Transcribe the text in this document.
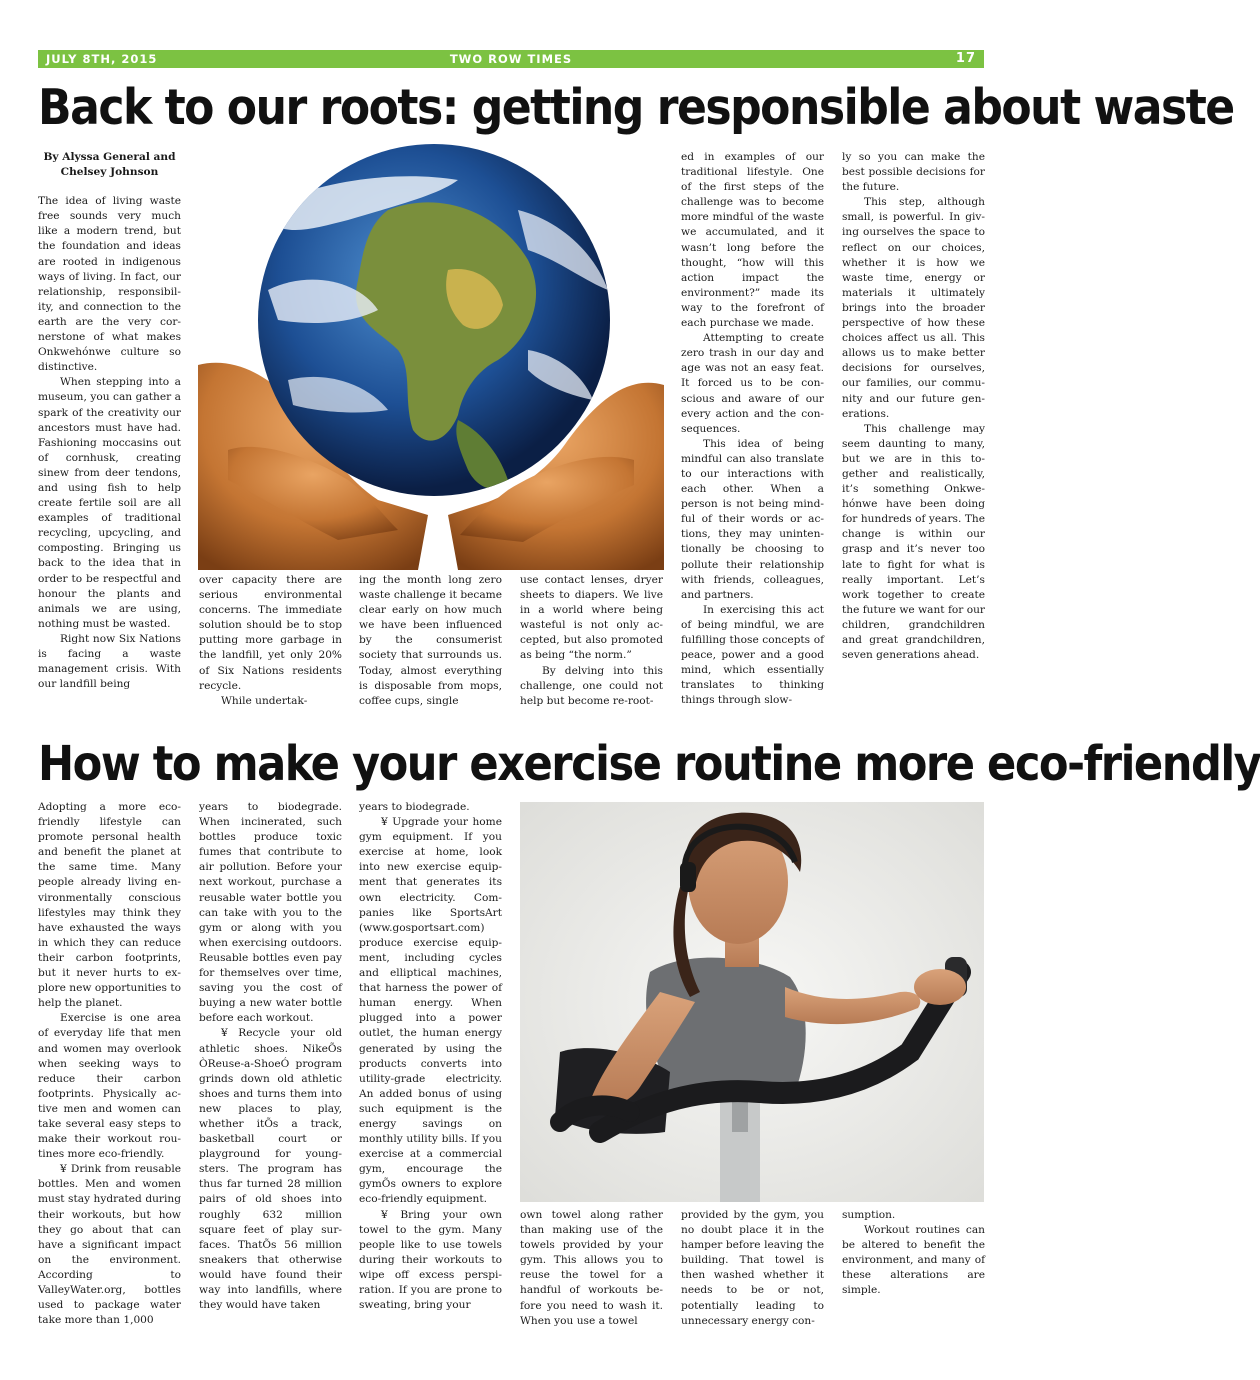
JULY 8TH, 2015	TWO ROW TIMES	17
Back to our roots: getting responsible about waste

By Alyssa General and Chelsey Johnson

The idea of living waste free sounds very much like a modern trend, but the foundation and ideas are rooted in indigenous ways of living. In fact, our relationship, responsibility, and connection to the earth are the very cornerstone of what makes Onkwehónwe culture so distinctive.

When stepping into a museum, you can gather a spark of the creativity our ancestors must have had. Fashioning moccasins out of cornhusk, creating sinew from deer tendons, and using fish to help create fertile soil are all examples of traditional recycling, upcycling, and composting. Bringing us back to the idea that in order to be respectful and honour the plants and animals we are using, nothing must be wasted.

Right now Six Nations is facing a waste management crisis. With our landfill being

over capacity there are serious environmental concerns. The immediate solution should be to stop putting more garbage in the landfill, yet only 20% of Six Nations residents recycle.

While undertak-

ing the month long zero waste challenge it became clear early on how much we have been influenced by the consumerist society that surrounds us. Today, almost everything is disposable from mops, coffee cups, single

use contact lenses, dryer sheets to diapers. We live in a world where being wasteful is not only accepted, but also promoted as being “the norm.”

By delving into this challenge, one could not help but become re-root-

ed in examples of our traditional lifestyle. One of the first steps of the challenge was to become more mindful of the waste we accumulated, and it wasn’t long before the thought, “how will this action impact the environment?” made its way to the forefront of each purchase we made.

Attempting to create zero trash in our day and age was not an easy feat. It forced us to be conscious and aware of our every action and the consequences.

This idea of being mindful can also translate to our interactions with each other. When a person is not being mindful of their words or actions, they may unintentionally be choosing to pollute their relationship with friends, colleagues, and partners.

In exercising this act of being mindful, we are fulfilling those concepts of peace, power and a good mind, which essentially translates to thinking things through slow-

ly so you can make the best possible decisions for the future.

This step, although small, is powerful. In giving ourselves the space to reflect on our choices, whether it is how we waste time, energy or materials it ultimately brings into the broader perspective of how these choices affect us all. This allows us to make better decisions for ourselves, our families, our community and our future generations.

This challenge may seem daunting to many, but we are in this together and realistically, it’s something Onkwehónwe have been doing for hundreds of years. The change is within our grasp and it’s never too late to fight for what is really important. Let’s work together to create the future we want for our children, grandchildren and great grandchildren, seven generations ahead.

How to make your exercise routine more eco-friendly

Adopting a more eco-friendly lifestyle can promote personal health and benefit the planet at the same time. Many people already living environmentally conscious lifestyles may think they have exhausted the ways in which they can reduce their carbon footprints, but it never hurts to explore new opportunities to help the planet.

Exercise is one area of everyday life that men and women may overlook when seeking ways to reduce their carbon footprints. Physically active men and women can take several easy steps to make their workout routines more eco-friendly.

¥ Drink from reusable bottles. Men and women must stay hydrated during their workouts, but how they go about that can have a significant impact on the environment. According to ValleyWater.org, bottles used to package water take more than 1,000

years to biodegrade. When incinerated, such bottles produce toxic fumes that contribute to air pollution. Before your next workout, purchase a reusable water bottle you can take with you to the gym or along with you when exercising outdoors. Reusable bottles even pay for themselves over time, saving you the cost of buying a new water bottle before each workout.

¥ Recycle your old athletic shoes. NikeÕs ÒReuse-a-ShoeÓ program grinds down old athletic shoes and turns them into new places to play, whether itÕs a track, basketball court or playground for youngsters. The program has thus far turned 28 million pairs of old shoes into roughly 632 million square feet of play surfaces. ThatÕs 56 million sneakers that otherwise would have found their way into landfills, where they would have taken

years to biodegrade.

¥ Upgrade your home gym equipment. If you exercise at home, look into new exercise equipment that generates its own electricity. Companies like SportsArt (www.gosportsart.com) produce exercise equipment, including cycles and elliptical machines, that harness the power of human energy. When plugged into a power outlet, the human energy generated by using the products converts into utility-grade electricity. An added bonus of using such equipment is the energy savings on monthly utility bills. If you exercise at a commercial gym, encourage the gymÕs owners to explore eco-friendly equipment.

¥ Bring your own towel to the gym. Many people like to use towels during their workouts to wipe off excess perspiration. If you are prone to sweating, bring your

own towel along rather than making use of the towels provided by your gym. This allows you to reuse the towel for a handful of workouts before you need to wash it. When you use a towel

provided by the gym, you no doubt place it in the hamper before leaving the building. That towel is then washed whether it needs to be or not, potentially leading to unnecessary energy con-

sumption.

Workout routines can be altered to benefit the environment, and many of these alterations are simple.
